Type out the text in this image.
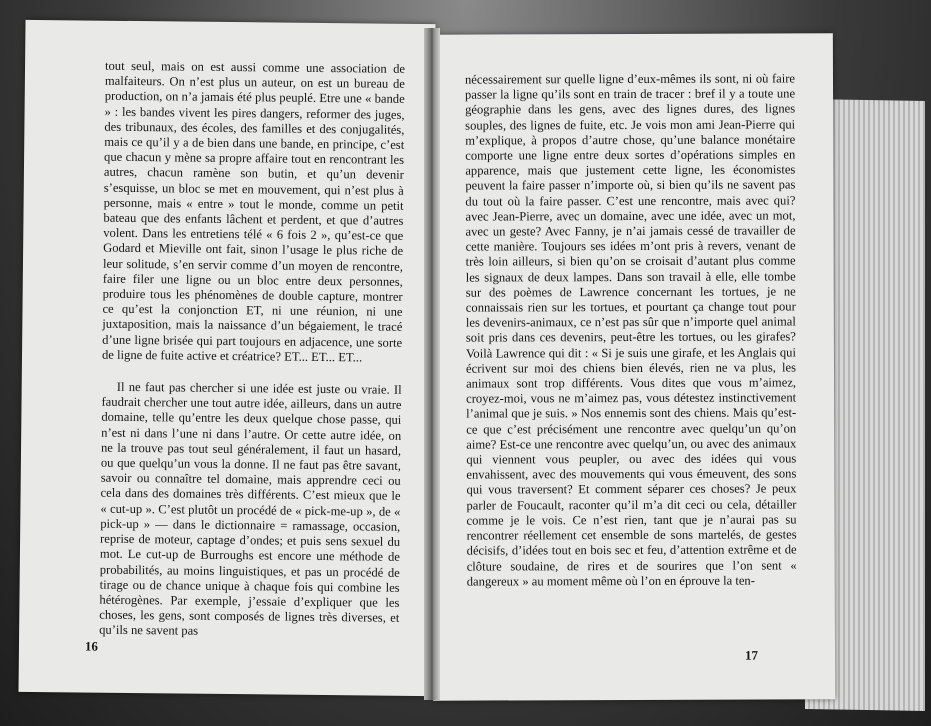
tout seul, mais on est aussi comme une association de malfaiteurs. On n’est plus un auteur, on est un bureau de production, on n’a jamais été plus peuplé. Etre une « bande » : les bandes vivent les pires dangers, reformer des juges, des tribunaux, des écoles, des familles et des conjugalités, mais ce qu’il y a de bien dans une bande, en principe, c’est que chacun y mène sa propre affaire tout en rencontrant les autres, chacun ramène son butin, et qu’un devenir s’esquisse, un bloc se met en mouvement, qui n’est plus à personne, mais « entre » tout le monde, comme un petit bateau que des enfants lâchent et perdent, et que d’autres volent. Dans les entretiens télé « 6 fois 2 », qu’est-ce que Godard et Mieville ont fait, sinon l’usage le plus riche de leur solitude, s’en servir comme d’un moyen de rencontre, faire filer une ligne ou un bloc entre deux personnes, produire tous les phénomènes de double capture, montrer ce qu’est la conjonction ET, ni une réunion, ni une juxtaposition, mais la naissance d’un bégaiement, le tracé d’une ligne brisée qui part toujours en adjacence, une sorte de ligne de fuite active et créatrice? ET... ET... ET...

Il ne faut pas chercher si une idée est juste ou vraie. Il faudrait chercher une tout autre idée, ailleurs, dans un autre domaine, telle qu’entre les deux quelque chose passe, qui n’est ni dans l’une ni dans l’autre. Or cette autre idée, on ne la trouve pas tout seul généralement, il faut un hasard, ou que quelqu’un vous la donne. Il ne faut pas être savant, savoir ou connaître tel domaine, mais apprendre ceci ou cela dans des domaines très différents. C’est mieux que le « cut-up ». C’est plutôt un procédé de « pick-me-up », de « pick-up » — dans le dictionnaire = ramassage, occasion, reprise de moteur, captage d’ondes; et puis sens sexuel du mot. Le cut-up de Burroughs est encore une méthode de probabilités, au moins linguistiques, et pas un procédé de tirage ou de chance unique à chaque fois qui combine les hétérogènes. Par exemple, j’essaie d’expliquer que les choses, les gens, sont composés de lignes très diverses, et qu’ils ne savent pas

16

nécessairement sur quelle ligne d’eux-mêmes ils sont, ni où faire passer la ligne qu’ils sont en train de tracer : bref il y a toute une géographie dans les gens, avec des lignes dures, des lignes souples, des lignes de fuite, etc. Je vois mon ami Jean-Pierre qui m’explique, à propos d’autre chose, qu’une balance monétaire comporte une ligne entre deux sortes d’opérations simples en apparence, mais que justement cette ligne, les économistes peuvent la faire passer n’importe où, si bien qu’ils ne savent pas du tout où la faire passer. C’est une rencontre, mais avec qui? avec Jean-Pierre, avec un domaine, avec une idée, avec un mot, avec un geste? Avec Fanny, je n’ai jamais cessé de travailler de cette manière. Toujours ses idées m’ont pris à revers, venant de très loin ailleurs, si bien qu’on se croisait d’autant plus comme les signaux de deux lampes. Dans son travail à elle, elle tombe sur des poèmes de Lawrence concernant les tortues, je ne connaissais rien sur les tortues, et pourtant ça change tout pour les devenirs-animaux, ce n’est pas sûr que n’importe quel animal soit pris dans ces devenirs, peut-être les tortues, ou les girafes? Voilà Lawrence qui dit : « Si je suis une girafe, et les Anglais qui écrivent sur moi des chiens bien élevés, rien ne va plus, les animaux sont trop différents. Vous dites que vous m’aimez, croyez-moi, vous ne m’aimez pas, vous détestez instinctivement l’animal que je suis. » Nos ennemis sont des chiens. Mais qu’est-ce que c’est précisément une rencontre avec quelqu’un qu’on aime? Est-ce une rencontre avec quelqu’un, ou avec des animaux qui viennent vous peupler, ou avec des idées qui vous envahissent, avec des mouvements qui vous émeuvent, des sons qui vous traversent? Et comment séparer ces choses? Je peux parler de Foucault, raconter qu’il m’a dit ceci ou cela, détailler comme je le vois. Ce n’est rien, tant que je n’aurai pas su rencontrer réellement cet ensemble de sons martelés, de gestes décisifs, d’idées tout en bois sec et feu, d’attention extrême et de clôture soudaine, de rires et de sourires que l’on sent « dangereux » au moment même où l’on en éprouve la ten-

17
